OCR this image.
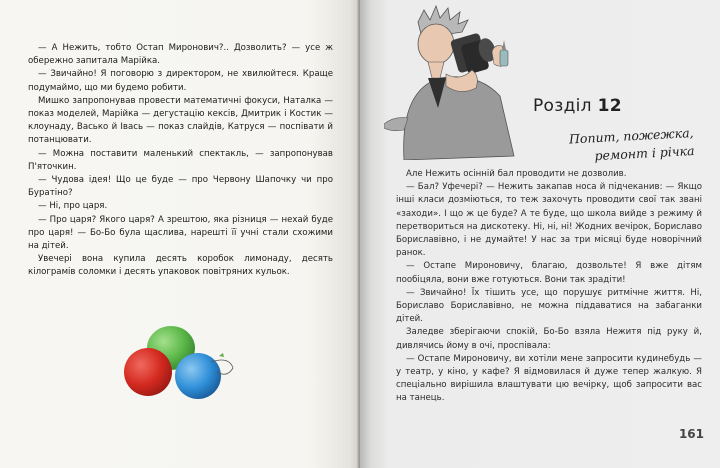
— А Нежить, тобто Остап Миронович?.. Дозволить? — усе ж обережно запитала Марійка.

— Звичайно! Я поговорю з директором, не хвилюйтеся. Краще подумаймо, що ми будемо робити.

Мишко запропонував провести математичні фокуси, Наталка — показ моделей, Марійка — дегустацію кексів, Дмитрик і Костик — клоунаду, Васько й Івась — показ слайдів, Катруся — поспівати й потанцювати.

— Можна поставити маленький спектакль, — запропонував П'яточкин.

— Чудова ідея! Що це буде — про Червону Шапочку чи про Буратіно?

— Ні, про царя.

— Про царя? Якого царя? А зрештою, яка різниця — нехай буде про царя! — Бо-Бо була щаслива, нарешті її учні стали схожими на дітей.

Увечері вона купила десять коробок лимонаду, десять кілограмів соломки і десять упаковок повітряних кульок.

Розділ 12
Попит, пожежка,
ремонт і річка

Але Нежить осінній бал проводити не дозволив.

— Бал? Уфечері? — Нежить закапав носа й підчеканив: — Якщо інші класи дозміються, то теж захочуть проводити свої так звані «заходи». І що ж це буде? А те буде, що школа вийде з режиму й перетвориться на дискотеку. Ні, ні, ні! Жодних вечірок, Бориславо Бориславівно, і не думайте! У нас за три місяці буде новорічний ранок.

— Остапе Мироновичу, благаю, дозвольте! Я вже дітям пообіцяла, вони вже готуються. Вони так зрадіти!

— Звичайно! Їх тішить усе, що порушує ритмічне життя. Ні, Бориславо Бориславівно, не можна піддаватися на забаганки дітей.

Заледве зберігаючи спокій, Бо-Бо взяла Нежитя під руку й, дивлячись йому в очі, проспівала:

— Остапе Мироновичу, ви хотіли мене запросити кудинебудь — у театр, у кіно, у кафе? Я відмовилася й дуже тепер жалкую. Я спеціально вирішила влаштувати цю вечірку, щоб запросити вас на танець.

161
